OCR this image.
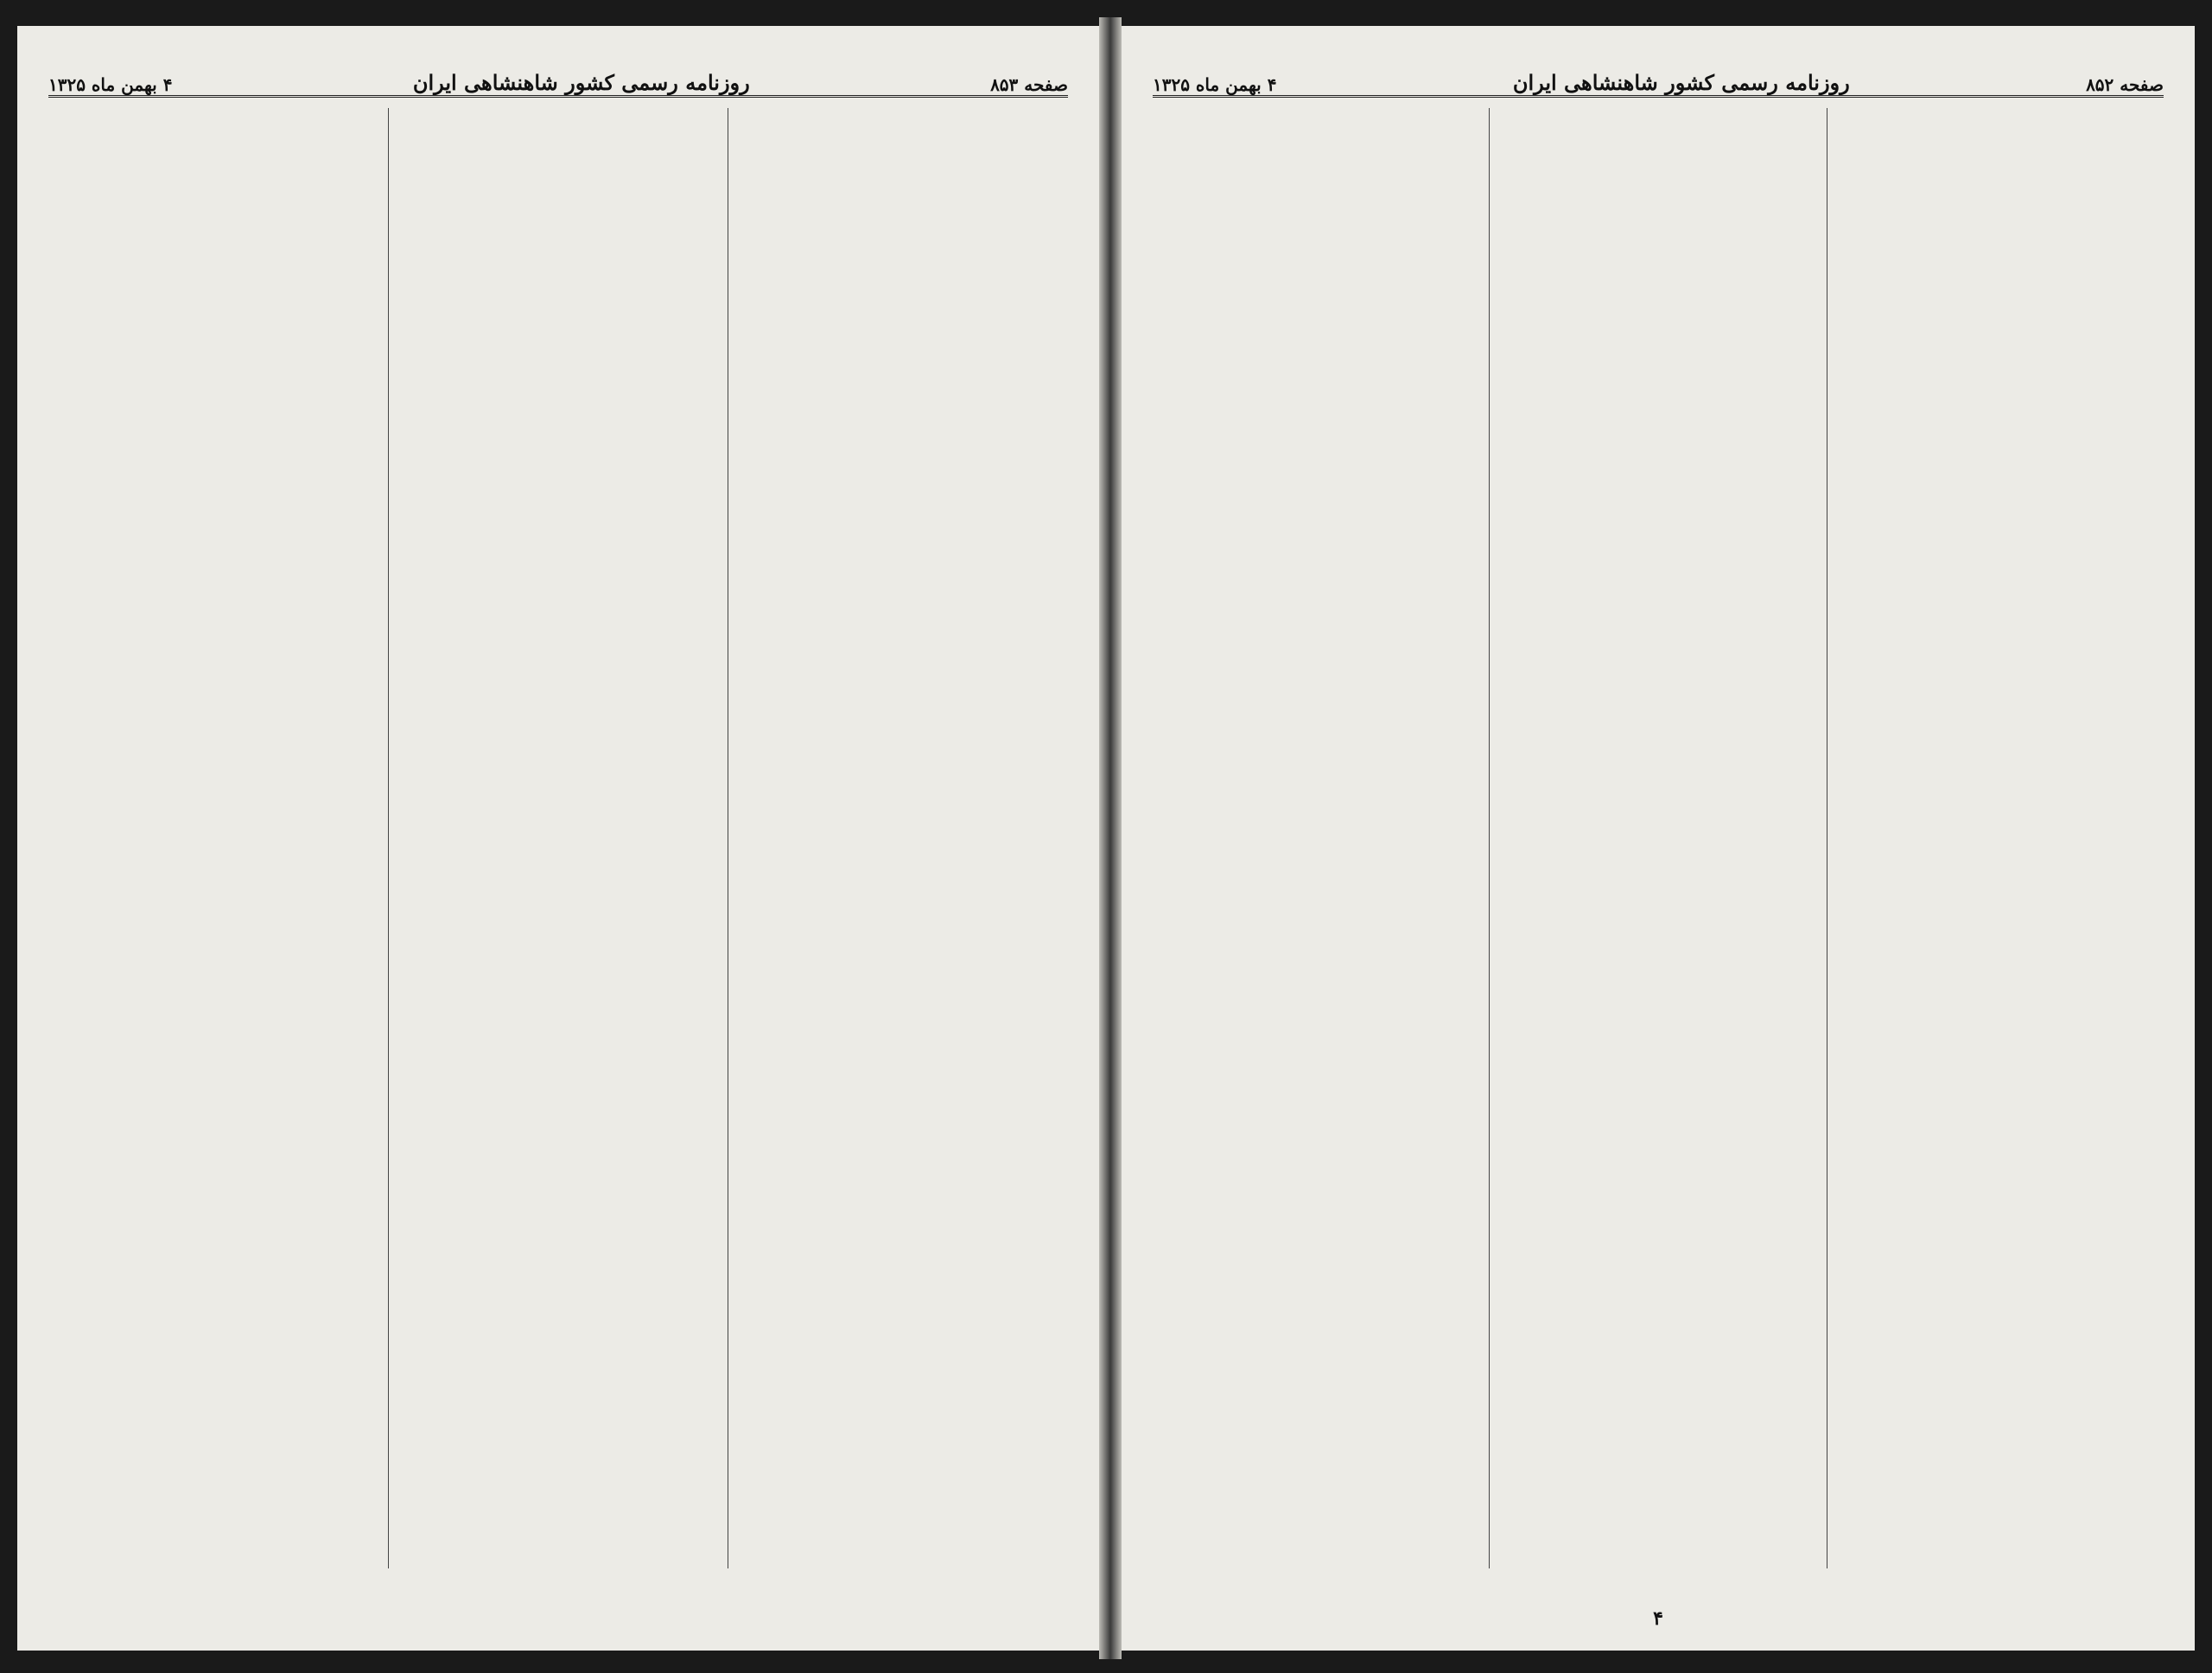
صفحه ۸۵۳
روزنامه رسمی کشور شاهنشاهی ایران
۴ بهمن ماه ۱۳۲۵	صفحه ۸۵۲
روزنامه رسمی کشور شاهنشاهی ایران
۴ بهمن ماه ۱۳۲۵
۴
